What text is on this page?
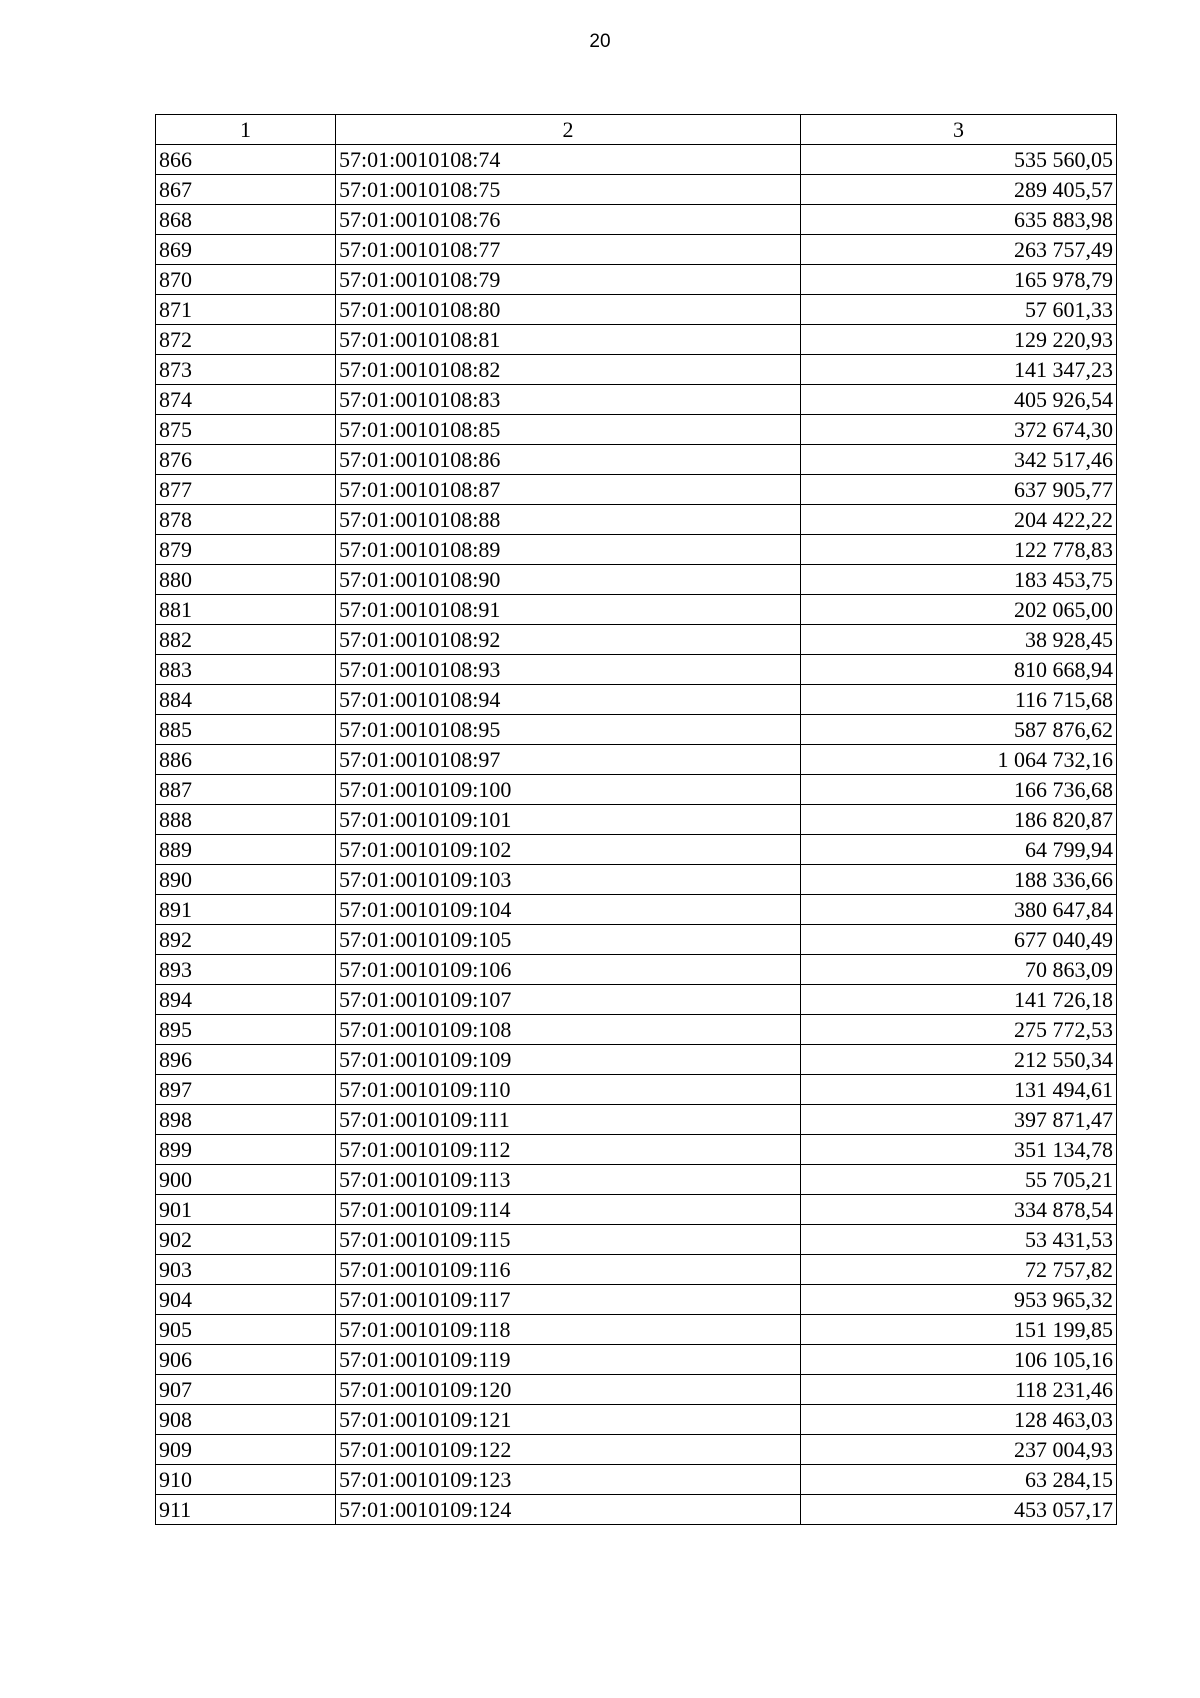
20
1	2	3
866	57:01:0010108:74	535 560,05
867	57:01:0010108:75	289 405,57
868	57:01:0010108:76	635 883,98
869	57:01:0010108:77	263 757,49
870	57:01:0010108:79	165 978,79
871	57:01:0010108:80	57 601,33
872	57:01:0010108:81	129 220,93
873	57:01:0010108:82	141 347,23
874	57:01:0010108:83	405 926,54
875	57:01:0010108:85	372 674,30
876	57:01:0010108:86	342 517,46
877	57:01:0010108:87	637 905,77
878	57:01:0010108:88	204 422,22
879	57:01:0010108:89	122 778,83
880	57:01:0010108:90	183 453,75
881	57:01:0010108:91	202 065,00
882	57:01:0010108:92	38 928,45
883	57:01:0010108:93	810 668,94
884	57:01:0010108:94	116 715,68
885	57:01:0010108:95	587 876,62
886	57:01:0010108:97	1 064 732,16
887	57:01:0010109:100	166 736,68
888	57:01:0010109:101	186 820,87
889	57:01:0010109:102	64 799,94
890	57:01:0010109:103	188 336,66
891	57:01:0010109:104	380 647,84
892	57:01:0010109:105	677 040,49
893	57:01:0010109:106	70 863,09
894	57:01:0010109:107	141 726,18
895	57:01:0010109:108	275 772,53
896	57:01:0010109:109	212 550,34
897	57:01:0010109:110	131 494,61
898	57:01:0010109:111	397 871,47
899	57:01:0010109:112	351 134,78
900	57:01:0010109:113	55 705,21
901	57:01:0010109:114	334 878,54
902	57:01:0010109:115	53 431,53
903	57:01:0010109:116	72 757,82
904	57:01:0010109:117	953 965,32
905	57:01:0010109:118	151 199,85
906	57:01:0010109:119	106 105,16
907	57:01:0010109:120	118 231,46
908	57:01:0010109:121	128 463,03
909	57:01:0010109:122	237 004,93
910	57:01:0010109:123	63 284,15
911	57:01:0010109:124	453 057,17
